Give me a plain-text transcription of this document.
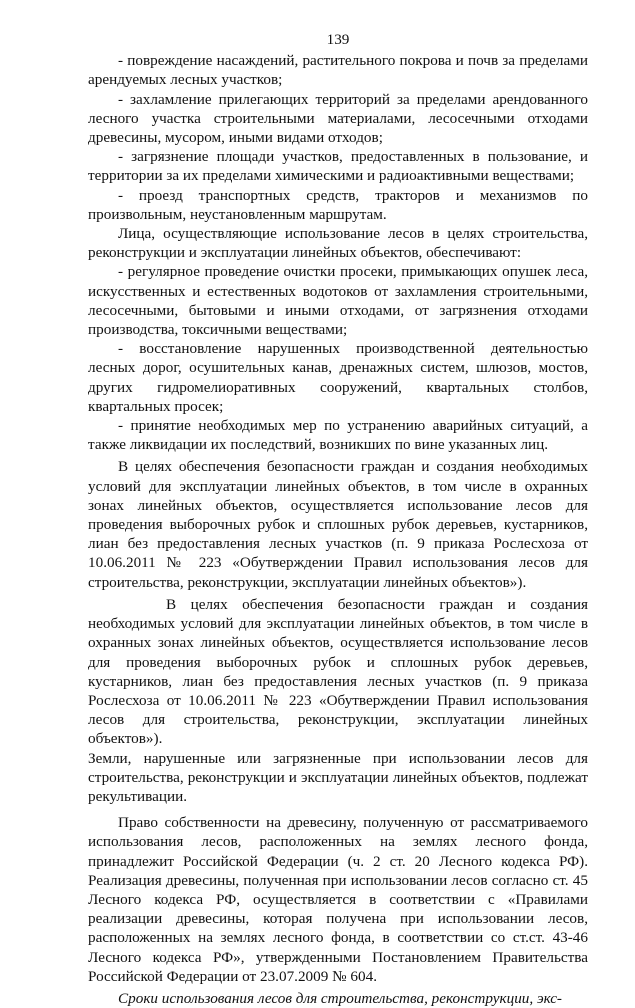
139

- повреждение насаждений, растительного покрова и почв за пределами арендуемых лесных участков;

- захламление прилегающих территорий за пределами арендованного лесного участка строительными материалами, лесосечными отходами древесины, мусором, иными видами отходов;

- загрязнение площади участков, предоставленных в пользование, и территории за их пределами химическими и радиоактивными веществами;

- проезд транспортных средств, тракторов и механизмов по произвольным, неустановленным маршрутам.

Лица, осуществляющие использование лесов в целях строительства, реконструкции и эксплуатации линейных объектов, обеспечивают:

- регулярное проведение очистки просеки, примыкающих опушек леса, искусственных и естественных водотоков от захламления строительными, лесосечными, бытовыми и иными отходами, от загрязнения отходами производства, токсичными веществами;

- восстановление нарушенных производственной деятельностью лесных дорог, осушительных канав, дренажных систем, шлюзов, мостов, других гидромелиоративных сооружений, квартальных столбов, квартальных просек;

- принятие необходимых мер по устранению аварийных ситуаций, а также ликвидации их последствий, возникших по вине указанных лиц.

В целях обеспечения безопасности граждан и создания необходимых условий для эксплуатации линейных объектов, в том числе в охранных зонах линейных объектов, осуществляется использование лесов для проведения выборочных рубок и сплошных рубок деревьев, кустарников, лиан без предоставления лесных участков (п. 9 приказа Рослесхоза от 10.06.2011 № 223 «Обутверждении Правил использования лесов для строительства, реконструкции, эксплуатации линейных объектов»).

В целях обеспечения безопасности граждан и создания необходимых условий для эксплуатации линейных объектов, в том числе в охранных зонах линейных объектов, осуществляется использование лесов для проведения выборочных рубок и сплошных рубок деревьев, кустарников, лиан без предоставления лесных участков (п. 9 приказа Рослесхоза от 10.06.2011 № 223 «Обутверждении Правил использования лесов для строительства, реконструкции, эксплуатации линейных объектов»).

Земли, нарушенные или загрязненные при использовании лесов для строительства, реконструкции и эксплуатации линейных объектов, подлежат рекультивации.

Право собственности на древесину, полученную от рассматриваемого использования лесов, расположенных на землях лесного фонда, принадлежит Российской Федерации (ч. 2 ст. 20 Лесного кодекса РФ). Реализация древесины, полученная при использовании лесов согласно ст. 45 Лесного кодекса РФ, осуществляется в соответствии с «Правилами реализации древесины, которая получена при использовании лесов, расположенных на землях лесного фонда, в соответствии со ст.ст. 43-46 Лесного кодекса РФ», утвержденными Постановлением Правительства Российской Федерации от 23.07.2009 № 604.

Сроки использования лесов для строительства, реконструкции, экс-
